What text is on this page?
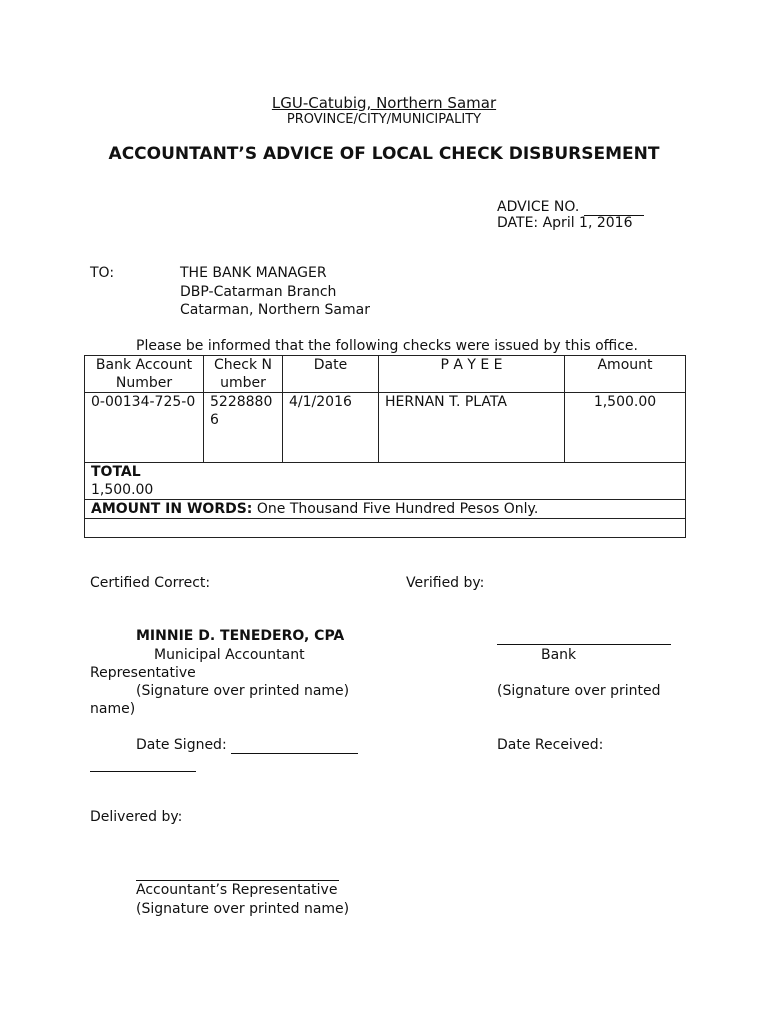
LGU-Catubig, Northern Samar
PROVINCE/CITY/MUNICIPALITY
ACCOUNTANT’S ADVICE OF LOCAL CHECK DISBURSEMENT
ADVICE NO.
DATE: April 1, 2016
TO:	THE BANK MANAGER
DBP-Catarman Branch
Catarman, Northern Samar
Please be informed that the following checks were issued by this office.
Bank Account Number	Check Number	Date	P A Y E E	Amount
0-00134-725-0	52288806	4/1/2016	HERNAN T. PLATA	1,500.00

TOTAL
1,500.00				

AMOUNT IN WORDS: One Thousand Five Hundred Pesos Only.				

Certified Correct:	Verified by:
MINNIE D. TENEDERO, CPA
Municipal Accountant	Bank
Representative
(Signature over printed name)	(Signature over printed
name)
Date Signed:	Date Received:
Delivered by:
Accountant’s Representative
(Signature over printed name)
